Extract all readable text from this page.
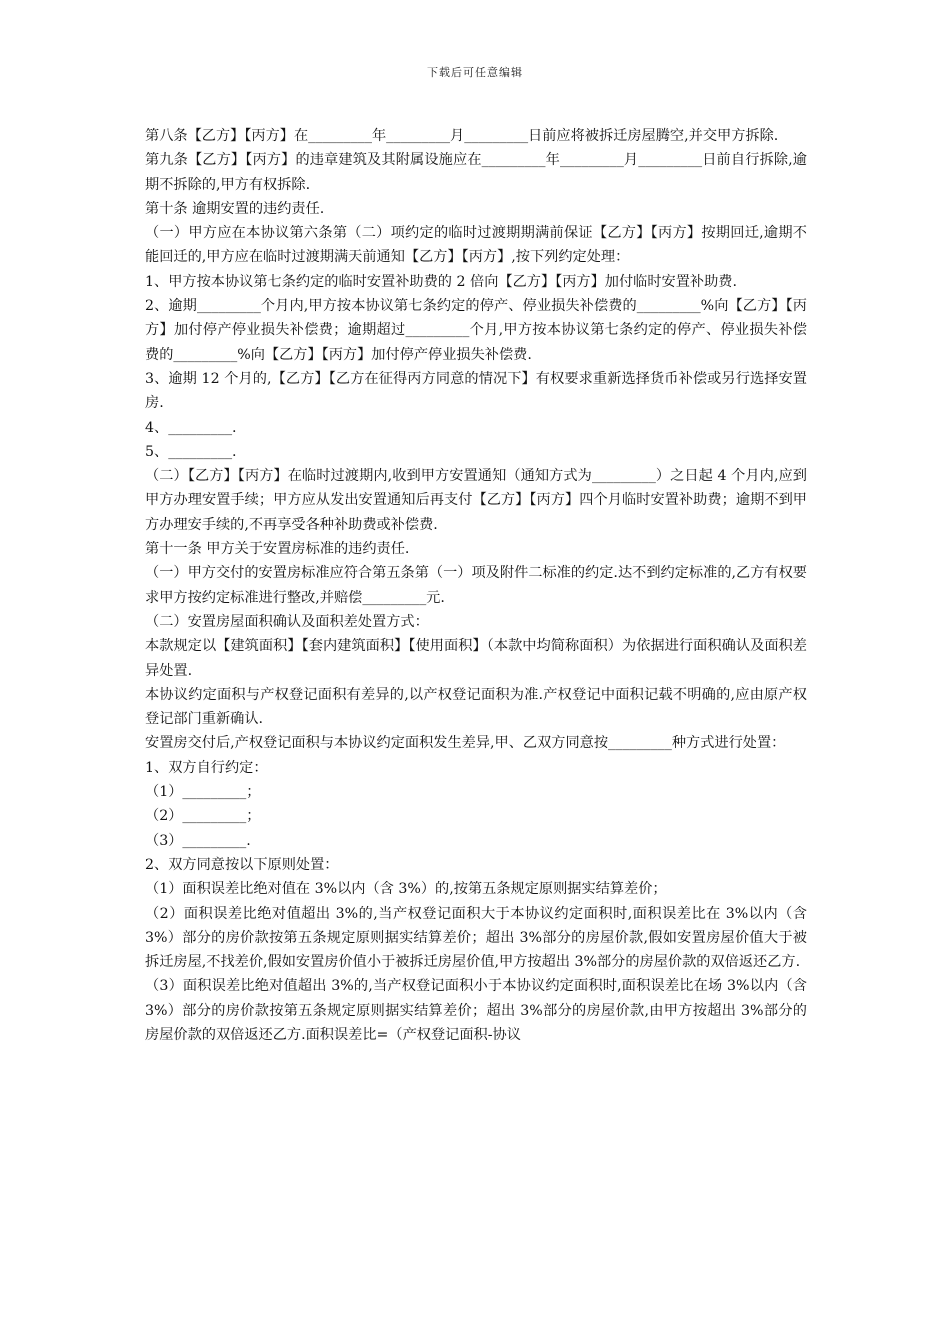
下载后可任意编辑

第八条【乙方】【丙方】在_________年_________月_________日前应将被拆迁房屋腾空,并交甲方拆除.

第九条【乙方】【丙方】的违章建筑及其附属设施应在_________年_________月_________日前自行拆除,逾期不拆除的,甲方有权拆除.

第十条 逾期安置的违约责任.

（一）甲方应在本协议第六条第（二）项约定的临时过渡期期满前保证【乙方】【丙方】按期回迁,逾期不能回迁的,甲方应在临时过渡期满天前通知【乙方】【丙方】,按下列约定处理：

1、甲方按本协议第七条约定的临时安置补助费的 2 倍向【乙方】【丙方】加付临时安置补助费.

2、逾期_________个月内,甲方按本协议第七条约定的停产、停业损失补偿费的_________%向【乙方】【丙方】加付停产停业损失补偿费；逾期超过_________个月,甲方按本协议第七条约定的停产、停业损失补偿费的_________%向【乙方】【丙方】加付停产停业损失补偿费.

3、逾期 12 个月的,【乙方】【乙方在征得丙方同意的情况下】有权要求重新选择货币补偿或另行选择安置房.

4、_________.

5、_________.

（二）【乙方】【丙方】在临时过渡期内,收到甲方安置通知（通知方式为_________）之日起 4 个月内,应到甲方办理安置手续；甲方应从发出安置通知后再支付【乙方】【丙方】四个月临时安置补助费；逾期不到甲方办理安手续的,不再享受各种补助费或补偿费.

第十一条 甲方关于安置房标准的违约责任.

（一）甲方交付的安置房标准应符合第五条第（一）项及附件二标准的约定.达不到约定标准的,乙方有权要求甲方按约定标准进行整改,并赔偿_________元.

（二）安置房屋面积确认及面积差处置方式：

本款规定以【建筑面积】【套内建筑面积】【使用面积】（本款中均简称面积）为依据进行面积确认及面积差异处置.

本协议约定面积与产权登记面积有差异的,以产权登记面积为准.产权登记中面积记载不明确的,应由原产权登记部门重新确认.

安置房交付后,产权登记面积与本协议约定面积发生差异,甲、乙双方同意按_________种方式进行处置：

1、双方自行约定：

（1）_________；

（2）_________；

（3）_________.

2、双方同意按以下原则处置：

（1）面积误差比绝对值在 3%以内（含 3%）的,按第五条规定原则据实结算差价；

（2）面积误差比绝对值超出 3%的,当产权登记面积大于本协议约定面积时,面积误差比在 3%以内（含 3%）部分的房价款按第五条规定原则据实结算差价；超出 3%部分的房屋价款,假如安置房屋价值大于被拆迁房屋,不找差价,假如安置房价值小于被拆迁房屋价值,甲方按超出 3%部分的房屋价款的双倍返还乙方.

（3）面积误差比绝对值超出 3%的,当产权登记面积小于本协议约定面积时,面积误差比在场 3%以内（含 3%）部分的房价款按第五条规定原则据实结算差价；超出 3%部分的房屋价款,由甲方按超出 3%部分的房屋价款的双倍返还乙方.面积误差比=（产权登记面积-协议
